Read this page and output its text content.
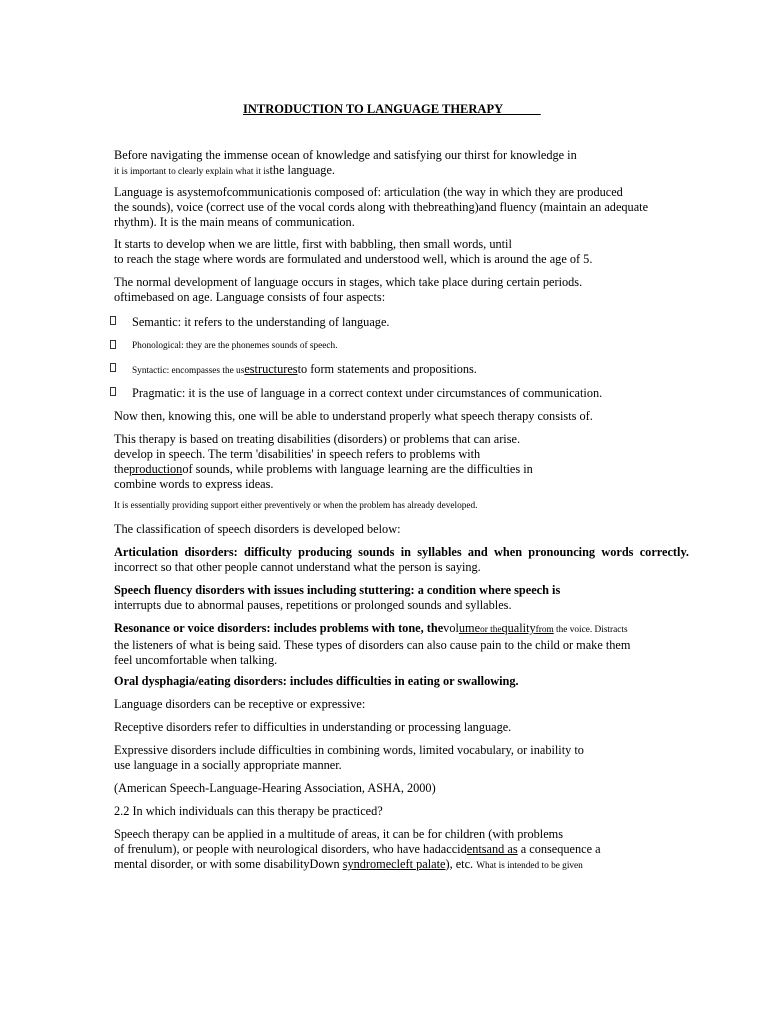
INTRODUCTION TO LANGUAGE THERAPY______
Before navigating the immense ocean of knowledge and satisfying our thirst for knowledge in
it is important to clearly explain what it isthe language.
Language is asystemofcommunicationis composed of: articulation (the way in which they are produced
the sounds), voice (correct use of the vocal cords along with thebreathing)and fluency (maintain an adequate
rhythm). It is the main means of communication.
It starts to develop when we are little, first with babbling, then small words, until
to reach the stage where words are formulated and understood well, which is around the age of 5.
The normal development of language occurs in stages, which take place during certain periods.
oftimebased on age. Language consists of four aspects:
Semantic: it refers to the understanding of language.
Phonological: they are the phonemes sounds of speech.
Syntactic: encompasses the usestructuresto form statements and propositions.
Pragmatic: it is the use of language in a correct context under circumstances of communication.
Now then, knowing this, one will be able to understand properly what speech therapy consists of.
This therapy is based on treating disabilities (disorders) or problems that can arise.
develop in speech. The term 'disabilities' in speech refers to problems with
theproductionof sounds, while problems with language learning are the difficulties in
combine words to express ideas.
It is essentially providing support either preventively or when the problem has already developed.
The classification of speech disorders is developed below:
Articulation disorders: difficulty producing sounds in syllables and when pronouncing words correctly.
incorrect so that other people cannot understand what the person is saying.
Speech fluency disorders with issues including stuttering: a condition where speech is
interrupts due to abnormal pauses, repetitions or prolonged sounds and syllables.
Resonance or voice disorders: includes problems with tone, thevolumeor thequalityfrom the voice. Distracts
the listeners of what is being said. These types of disorders can also cause pain to the child or make them
feel uncomfortable when talking.
Oral dysphagia/eating disorders: includes difficulties in eating or swallowing.
Language disorders can be receptive or expressive:
Receptive disorders refer to difficulties in understanding or processing language.
Expressive disorders include difficulties in combining words, limited vocabulary, or inability to
use language in a socially appropriate manner.
(American Speech-Language-Hearing Association, ASHA, 2000)
2.2 In which individuals can this therapy be practiced?
Speech therapy can be applied in a multitude of areas, it can be for children (with problems
of frenulum), or people with neurological disorders, who have hadaccidentsand as a consequence a
mental disorder, or with some disabilityDown syndromecleft palate), etc. What is intended to be given
